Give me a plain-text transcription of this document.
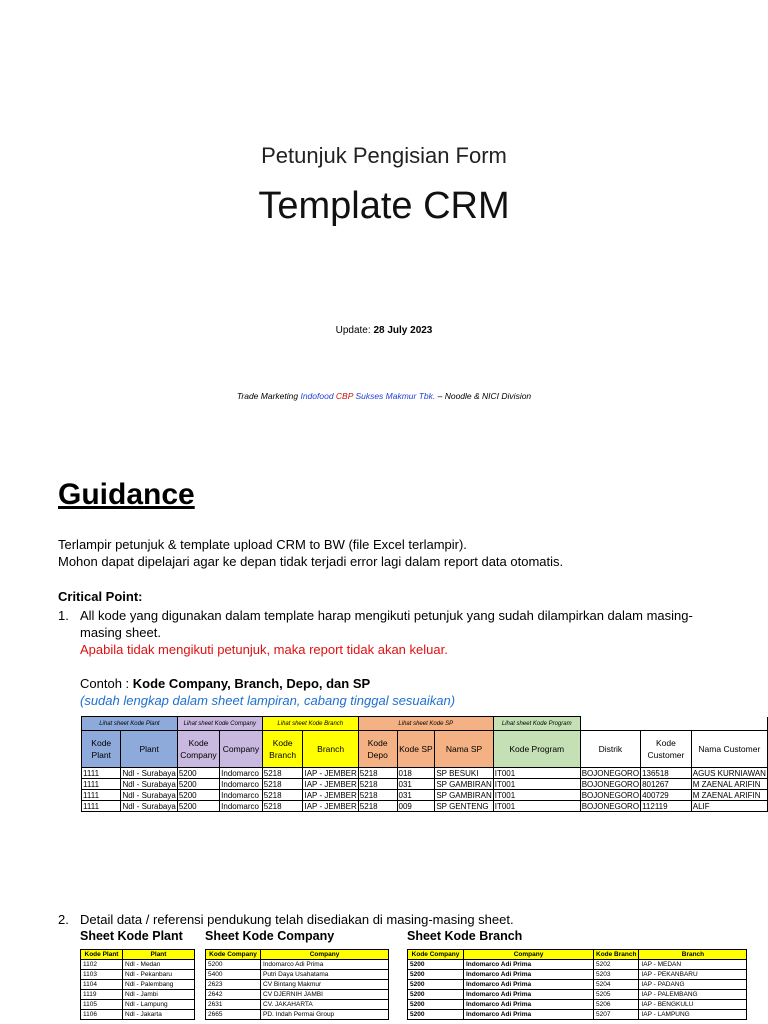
Petunjuk Pengisian Form
Template CRM
Update: 28 July 2023
Trade Marketing Indofood CBP Sukses Makmur Tbk. – Noodle & NICI Division
Guidance
Terlampir petunjuk & template upload CRM to BW (file Excel terlampir).
Mohon dapat dipelajari agar ke depan tidak terjadi error lagi dalam report data otomatis.
Critical Point:
1. All kode yang digunakan dalam template harap mengikuti petunjuk yang sudah dilampirkan dalam masing-
masing sheet.
Apabila tidak mengikuti petunjuk, maka report tidak akan keluar.
Contoh : Kode Company, Branch, Depo, dan SP
(sudah lengkap dalam sheet lampiran, cabang tinggal sesuaikan)
Lihat sheet Kode Plant		Lihat sheet Kode Company		Lihat sheet Kode Branch		Lihat sheet Kode SP			Lihat sheet Kode Program			
Kode Plant	Plant	Kode Company	Company	Kode Branch	Branch	Kode Depo	Kode SP	Nama SP	Kode Program	Distrik	Kode Customer	Nama Customer
1111	Ndl - Surabaya	5200	Indomarco	5218	IAP - JEMBER	5218	018	SP BESUKI	IT001	BOJONEGORO	136518	AGUS KURNIAWAN
1111	Ndl - Surabaya	5200	Indomarco	5218	IAP - JEMBER	5218	031	SP GAMBIRAN	IT001	BOJONEGORO	801267	M ZAENAL ARIFIN
1111	Ndl - Surabaya	5200	Indomarco	5218	IAP - JEMBER	5218	031	SP GAMBIRAN	IT001	BOJONEGORO	400729	M ZAENAL ARIFIN
1111	Ndl - Surabaya	5200	Indomarco	5218	IAP - JEMBER	5218	009	SP GENTENG	IT001	BOJONEGORO	112119	ALIF
2. Detail data / referensi pendukung telah disediakan di masing-masing sheet.
Sheet Kode Plant Sheet Kode Company	Sheet Kode Branch
Kode Plant	Plant
1102	Ndl - Medan
1103	Ndl - Pekanbaru
1104	Ndl - Palembang
1119	Ndl - Jambi
1105	Ndl - Lampung
1106	Ndl - Jakarta
Kode Company	Company
5200	Indomarco Adi Prima
5400	Putri Daya Usahatama
2623	CV Bintang Makmur
2642	CV DJERNIH JAMBI
2631	CV. JAKAHARTA
2665	PD. Indah Permai Group
Kode Company	Company	Kode Branch	Branch
5200	Indomarco Adi Prima	5202	IAP - MEDAN
5200	Indomarco Adi Prima	5203	IAP - PEKANBARU
5200	Indomarco Adi Prima	5204	IAP - PADANG
5200	Indomarco Adi Prima	5205	IAP - PALEMBANG
5200	Indomarco Adi Prima	5206	IAP - BENGKULU
5200	Indomarco Adi Prima	5207	IAP - LAMPUNG
